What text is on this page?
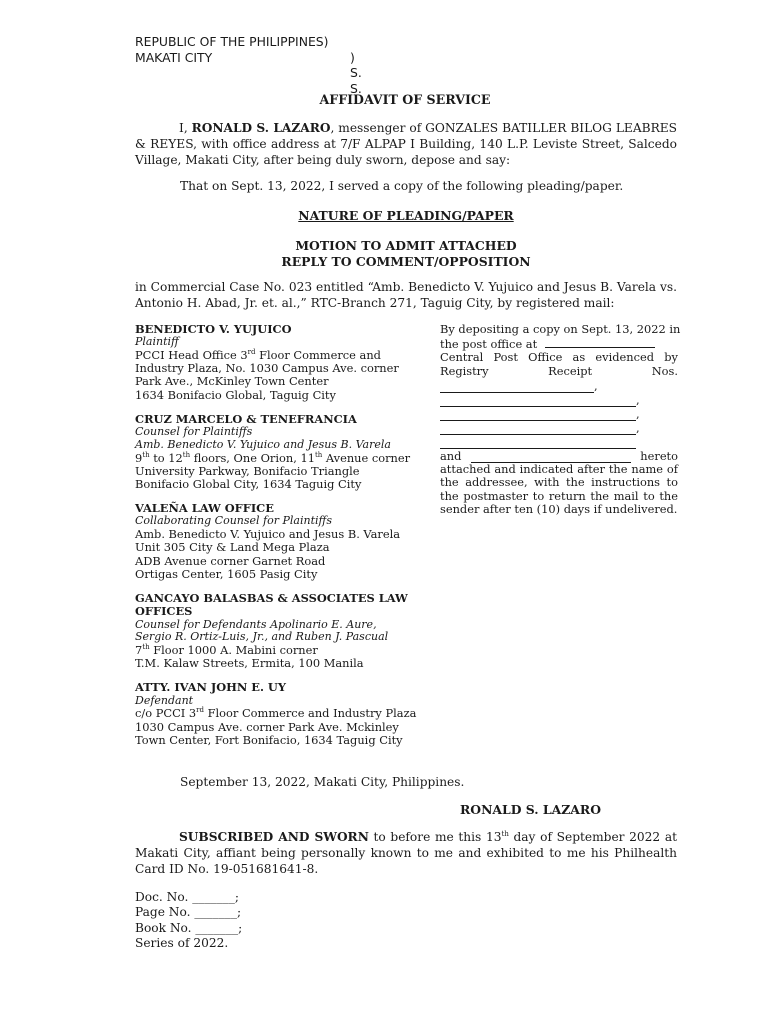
REPUBLIC OF THE PHILIPPINES)
MAKATI CITY	) S. S.
AFFIDAVIT OF SERVICE
I, RONALD S. LAZARO, messenger of GONZALES BATILLER BILOG LEABRES & REYES, with office address at 7/F ALPAP I Building, 140 L.P. Leviste Street, Salcedo Village, Makati City, after being duly sworn, depose and say:
That on Sept. 13, 2022, I served a copy of the following pleading/paper.
NATURE OF PLEADING/PAPER
MOTION TO ADMIT ATTACHED
REPLY TO COMMENT/OPPOSITION
in Commercial Case No. 023 entitled “Amb. Benedicto V. Yujuico and Jesus B. Varela vs. Antonio H. Abad, Jr. et. al.,” RTC-Branch 271, Taguig City, by registered mail:

BENEDICTO V. YUJUICO

Plaintiff

PCCI Head Office 3rd Floor Commerce and

Industry Plaza, No. 1030 Campus Ave. corner

Park Ave., McKinley Town Center

1634 Bonifacio Global, Taguig City

CRUZ MARCELO & TENEFRANCIA

Counsel for Plaintiffs

Amb. Benedicto V. Yujuico and Jesus B. Varela

9th to 12th floors, One Orion, 11th Avenue corner

University Parkway, Bonifacio Triangle

Bonifacio Global City, 1634 Taguig City

VALEÑA LAW OFFICE

Collaborating Counsel for Plaintiffs

Amb. Benedicto V. Yujuico and Jesus B. Varela

Unit 305 City & Land Mega Plaza

ADB Avenue corner Garnet Road

Ortigas Center, 1605 Pasig City

GANCAYO BALASBAS & ASSOCIATES LAW

OFFICES

Counsel for Defendants Apolinario E. Aure,

Sergio R. Ortiz-Luis, Jr., and Ruben J. Pascual

7th Floor 1000 A. Mabini corner

T.M. Kalaw Streets, Ermita, 100 Manila

ATTY. IVAN JOHN E. UY

Defendant

c/o PCCI 3rd Floor Commerce and Industry Plaza

1030 Campus Ave. corner Park Ave. Mckinley

Town Center, Fort Bonifacio, 1634 Taguig City

By depositing a copy on Sept. 13, 2022 in
the post office at
Central Post Office as evidenced by
Registry	Receipt	Nos.
,
,
,
,
and	hereto
attached and indicated after the name of the addressee, with the instructions to the postmaster to return the mail to the sender after ten (10) days if undelivered.
September 13, 2022, Makati City, Philippines.
RONALD S. LAZARO
SUBSCRIBED AND SWORN to before me this 13th day of September 2022 at Makati City, affiant being personally known to me and exhibited to me his Philhealth Card ID No. 19-051681641-8.
Doc. No. _______;
Page No. _______;
Book No. _______;
Series of 2022.
